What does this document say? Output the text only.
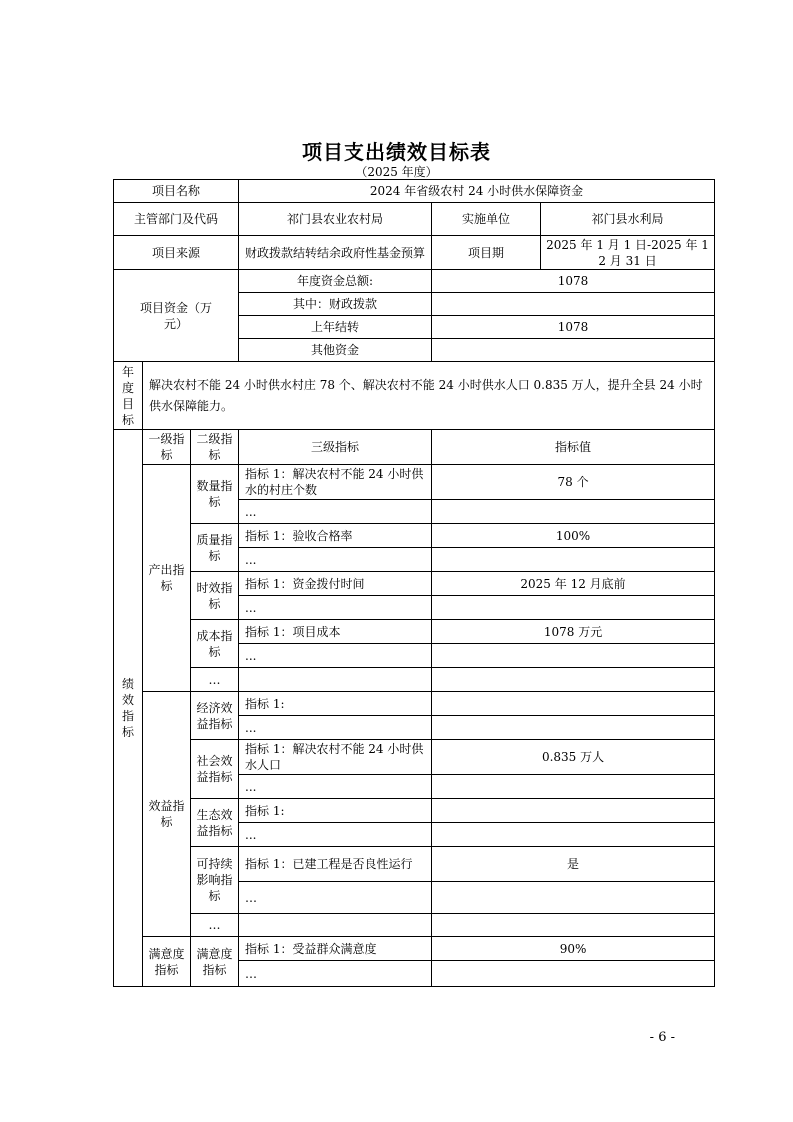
项目支出绩效目标表
（2025 年度）
项目名称			2024 年省级农村 24 小时供水保障资金		
主管部门及代码			祁门县农业农村局	实施单位	祁门县水利局
项目来源			财政拨款结转结余政府性基金预算	项目期	2025 年 1 月 1 日-2025 年 12 月 31 日
项目资金（万元）			年度资金总额:	1078	
			其中：财政拨款		
			上年结转	1078	
			其他资金		

年度目标	解决农村不能 24 小时供水村庄 78 个、解决农村不能 24 小时供水人口 0.835 万人，提升全县 24 小时供水保障能力。				

绩效指标	一级指标	二级指标	三级指标	指标值	
	产出指标	数量指标	指标 1：解决农村不能 24 小时供水的村庄个数	78 个	
			...		
		质量指标	指标 1：验收合格率	100%	
			...		
		时效指标	指标 1：资金拨付时间	2025 年 12 月底前	
			...		
		成本指标	指标 1：项目成本	1078 万元	
			...		
		…			
	效益指标	经济效益指标	指标 1:		
			...		
		社会效益指标	指标 1：解决农村不能 24 小时供水人口	0.835 万人	
			...		
		生态效益指标	指标 1:		
			...		
		可持续影响指标	指标 1：已建工程是否良性运行	是	
			…		
		…			
	满意度指标	满意度指标	指标 1：受益群众满意度	90%	
			…		
- 6 -
